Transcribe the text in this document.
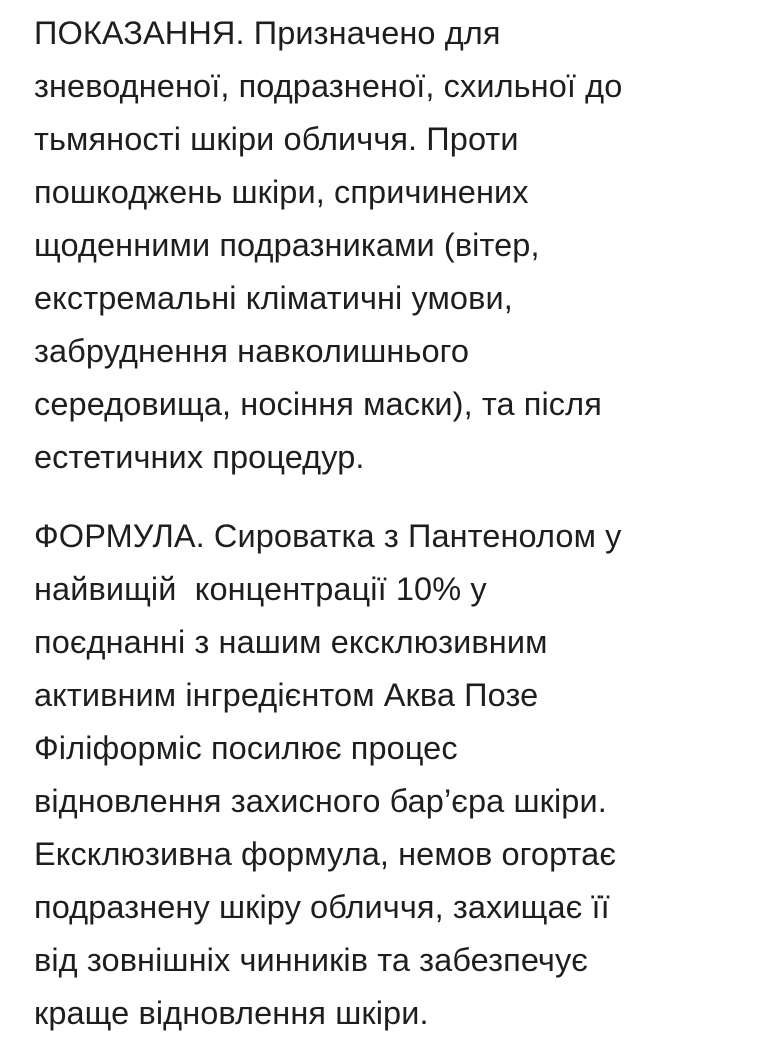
ПОКАЗАННЯ. Призначено для
зневодненої, подразненої, схильної до
тьмяності шкіри обличчя. Проти
пошкоджень шкіри, спричинених
щоденними подразниками (вітер,
екстремальні кліматичні умови,
забруднення навколишнього
середовища, носіння маски), та після
естетичних процедур.

ФОРМУЛА. Сироватка з Пантенолом у
найвищій  концентрації 10% у
поєднанні з нашим ексклюзивним
активним інгредієнтом Аква Позе
Філіформіс посилює процес
відновлення захисного бар’єра шкіри.
Ексклюзивна формула, немов огортає
подразнену шкіру обличчя, захищає її
від зовнішніх чинників та забезпечує
краще відновлення шкіри.
